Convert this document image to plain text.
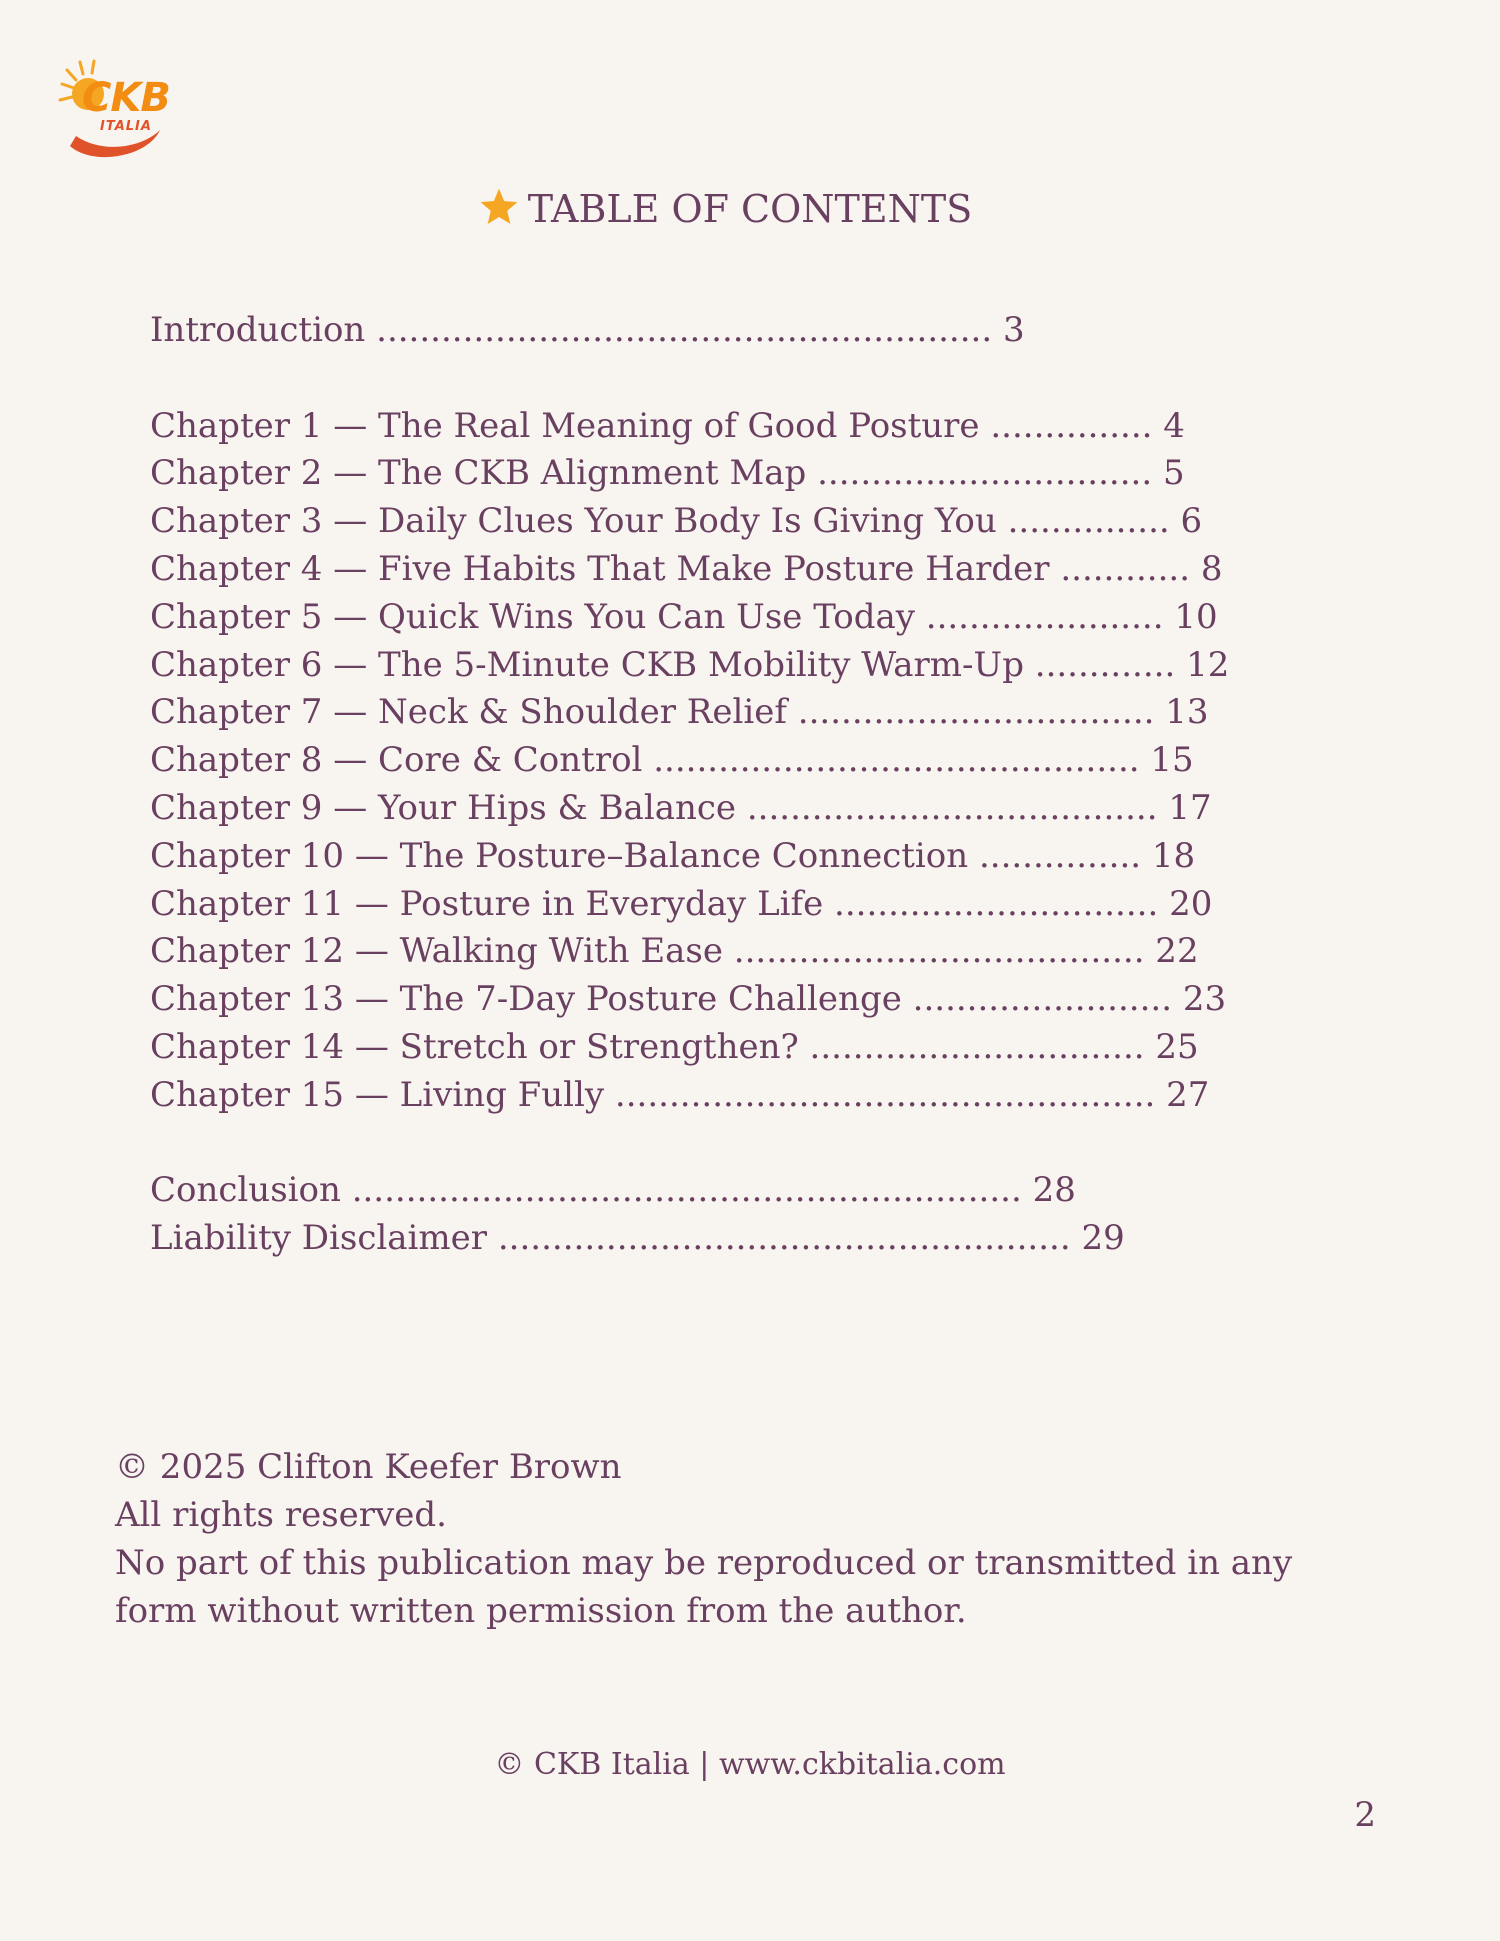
CKB
ITALIA
TABLE OF CONTENTS
Introduction ......................................................... 3
Chapter 1 — The Real Meaning of Good Posture ............... 4
Chapter 2 — The CKB Alignment Map ............................... 5
Chapter 3 — Daily Clues Your Body Is Giving You ............... 6
Chapter 4 — Five Habits That Make Posture Harder ............ 8
Chapter 5 — Quick Wins You Can Use Today ...................... 10
Chapter 6 — The 5-Minute CKB Mobility Warm-Up ............. 12
Chapter 7 — Neck & Shoulder Relief ................................. 13
Chapter 8 — Core & Control ............................................. 15
Chapter 9 — Your Hips & Balance ...................................... 17
Chapter 10 — The Posture–Balance Connection ............... 18
Chapter 11 — Posture in Everyday Life .............................. 20
Chapter 12 — Walking With Ease ...................................... 22
Chapter 13 — The 7-Day Posture Challenge ........................ 23
Chapter 14 — Stretch or Strengthen? ............................... 25
Chapter 15 — Living Fully .................................................. 27
Conclusion .............................................................. 28
Liability Disclaimer ..................................................... 29
© 2025 Clifton Keefer Brown
All rights reserved.
No part of this publication may be reproduced or transmitted in any
form without written permission from the author.
© CKB Italia | www.ckbitalia.com
2
